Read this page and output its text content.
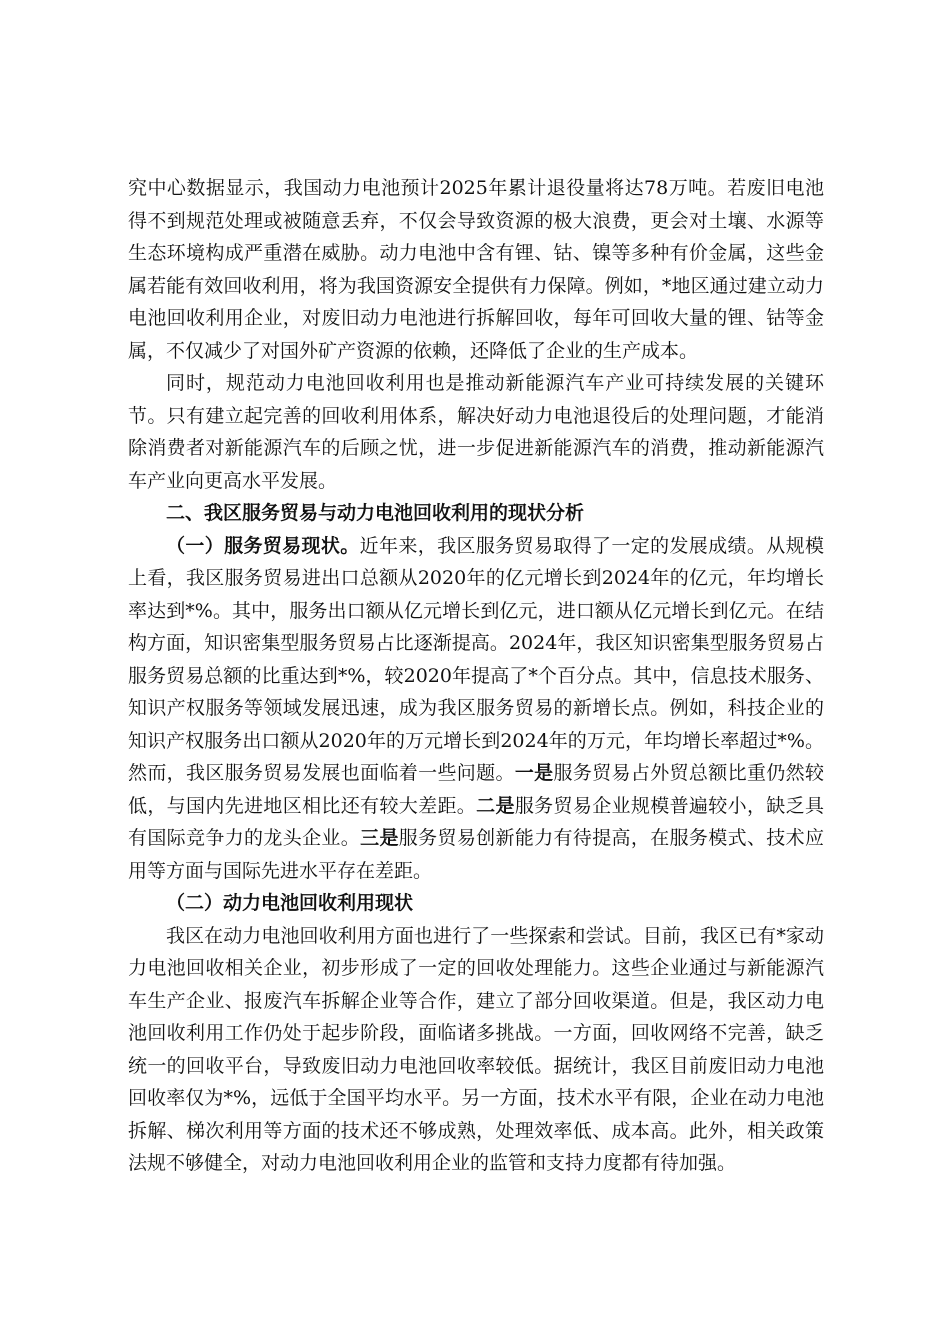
究中心数据显示，我国动力电池预计2025年累计退役量将达78万吨。若废旧电池得不到规范处理或被随意丢弃，不仅会导致资源的极大浪费，更会对土壤、水源等生态环境构成严重潜在威胁。动力电池中含有锂、钴、镍等多种有价金属，这些金属若能有效回收利用，将为我国资源安全提供有力保障。例如，*地区通过建立动力电池回收利用企业，对废旧动力电池进行拆解回收，每年可回收大量的锂、钴等金属，不仅减少了对国外矿产资源的依赖，还降低了企业的生产成本。

同时，规范动力电池回收利用也是推动新能源汽车产业可持续发展的关键环节。只有建立起完善的回收利用体系，解决好动力电池退役后的处理问题，才能消除消费者对新能源汽车的后顾之忧，进一步促进新能源汽车的消费，推动新能源汽车产业向更高水平发展。

二、我区服务贸易与动力电池回收利用的现状分析

（一）服务贸易现状。近年来，我区服务贸易取得了一定的发展成绩。从规模上看，我区服务贸易进出口总额从2020年的亿元增长到2024年的亿元，年均增长率达到*%。其中，服务出口额从亿元增长到亿元，进口额从亿元增长到亿元。在结构方面，知识密集型服务贸易占比逐渐提高。2024年，我区知识密集型服务贸易占服务贸易总额的比重达到*%，较2020年提高了*个百分点。其中，信息技术服务、知识产权服务等领域发展迅速，成为我区服务贸易的新增长点。例如，科技企业的知识产权服务出口额从2020年的万元增长到2024年的万元，年均增长率超过*%。然而，我区服务贸易发展也面临着一些问题。一是服务贸易占外贸总额比重仍然较低，与国内先进地区相比还有较大差距。二是服务贸易企业规模普遍较小，缺乏具有国际竞争力的龙头企业。三是服务贸易创新能力有待提高，在服务模式、技术应用等方面与国际先进水平存在差距。

（二）动力电池回收利用现状

我区在动力电池回收利用方面也进行了一些探索和尝试。目前，我区已有*家动力电池回收相关企业，初步形成了一定的回收处理能力。这些企业通过与新能源汽车生产企业、报废汽车拆解企业等合作，建立了部分回收渠道。但是，我区动力电池回收利用工作仍处于起步阶段，面临诸多挑战。一方面，回收网络不完善，缺乏统一的回收平台，导致废旧动力电池回收率较低。据统计，我区目前废旧动力电池回收率仅为*%，远低于全国平均水平。另一方面，技术水平有限，企业在动力电池拆解、梯次利用等方面的技术还不够成熟，处理效率低、成本高。此外，相关政策法规不够健全，对动力电池回收利用企业的监管和支持力度都有待加强。
